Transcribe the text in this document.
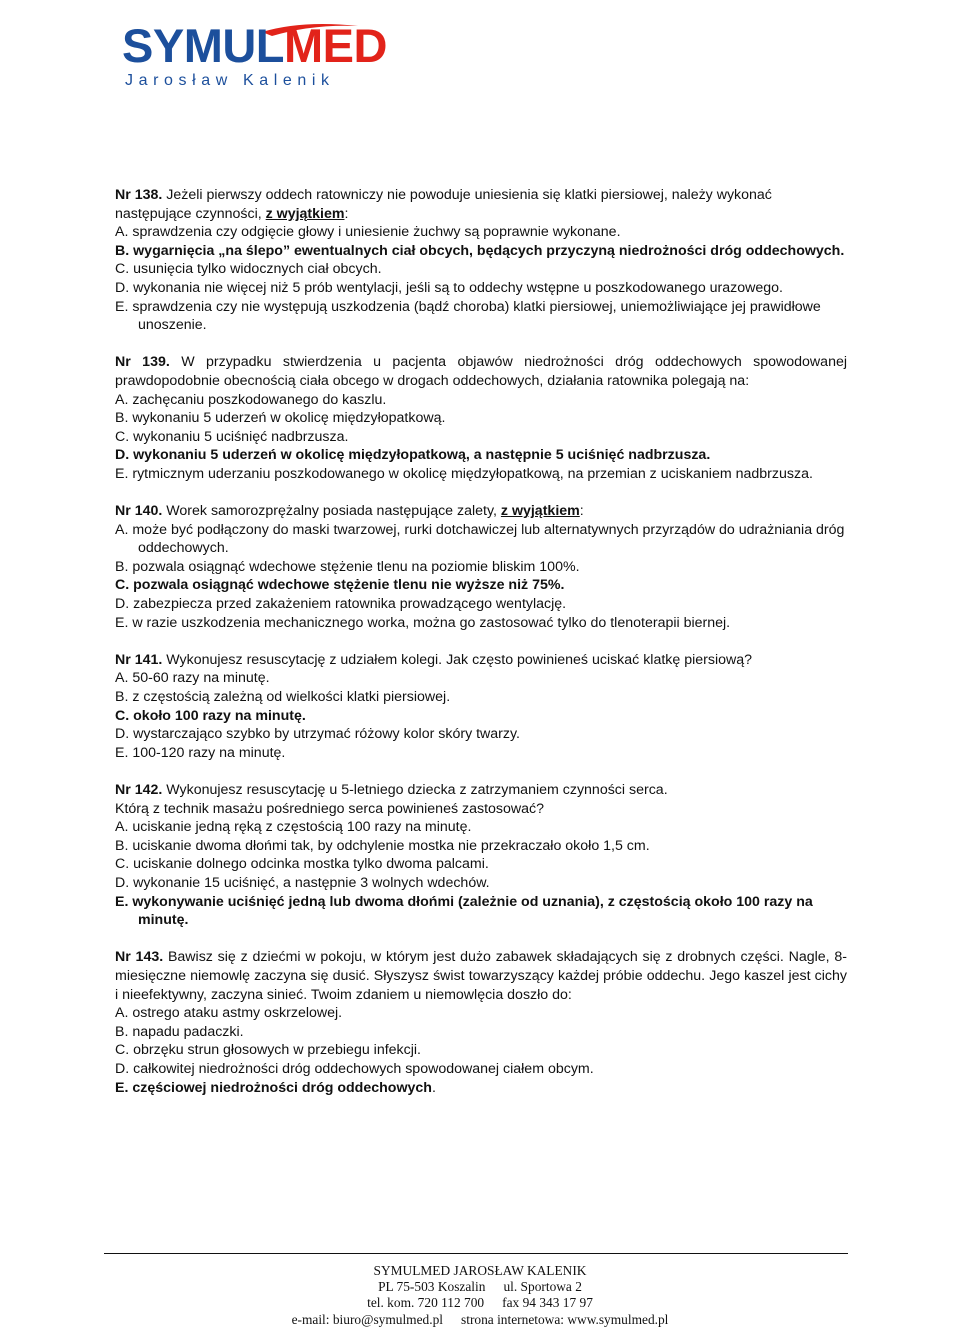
SYMULMED
Jarosław Kalenik

Nr 138. Jeżeli pierwszy oddech ratowniczy nie powoduje uniesienia się klatki piersiowej, należy wykonać następujące czynności, z wyjątkiem:

A. sprawdzenia czy odgięcie głowy i uniesienie żuchwy są poprawnie wykonane.

B. wygarnięcia „na ślepo” ewentualnych ciał obcych, będących przyczyną niedrożności dróg oddechowych.

C. usunięcia tylko widocznych ciał obcych.

D. wykonania nie więcej niż 5 prób wentylacji, jeśli są to oddechy wstępne u poszkodowanego urazowego.

E. sprawdzenia czy nie występują uszkodzenia (bądź choroba) klatki piersiowej, uniemożliwiające jej prawidłowe unoszenie.

Nr 139. W przypadku stwierdzenia u pacjenta objawów niedrożności dróg oddechowych spowodowanej prawdopodobnie obecnością ciała obcego w drogach oddechowych, działania ratownika polegają na:

A. zachęcaniu poszkodowanego do kaszlu.

B. wykonaniu 5 uderzeń w okolicę międzyłopatkową.

C. wykonaniu 5 uciśnięć nadbrzusza.

D. wykonaniu 5 uderzeń w okolicę międzyłopatkową, a następnie 5 uciśnięć nadbrzusza.

E. rytmicznym uderzaniu poszkodowanego w okolicę międzyłopatkową, na przemian z uciskaniem nadbrzusza.

Nr 140. Worek samorozprężalny posiada następujące zalety, z wyjątkiem:

A. może być podłączony do maski twarzowej, rurki dotchawiczej lub alternatywnych przyrządów do udrażniania dróg oddechowych.

B. pozwala osiągnąć wdechowe stężenie tlenu na poziomie bliskim 100%.

C. pozwala osiągnąć wdechowe stężenie tlenu nie wyższe niż 75%.

D. zabezpiecza przed zakażeniem ratownika prowadzącego wentylację.

E. w razie uszkodzenia mechanicznego worka, można go zastosować tylko do tlenoterapii biernej.

Nr 141. Wykonujesz resuscytację z udziałem kolegi. Jak często powinieneś uciskać klatkę piersiową?

A. 50-60 razy na minutę.

B. z częstością zależną od wielkości klatki piersiowej.

C. około 100 razy na minutę.

D. wystarczająco szybko by utrzymać różowy kolor skóry twarzy.

E. 100-120 razy na minutę.

Nr 142. Wykonujesz resuscytację u 5-letniego dziecka z zatrzymaniem czynności serca.

Którą z technik masażu pośredniego serca powinieneś zastosować?

A. uciskanie jedną ręką z częstością 100 razy na minutę.

B. uciskanie dwoma dłońmi tak, by odchylenie mostka nie przekraczało około 1,5 cm.

C. uciskanie dolnego odcinka mostka tylko dwoma palcami.

D. wykonanie 15 uciśnięć, a następnie 3 wolnych wdechów.

E. wykonywanie uciśnięć jedną lub dwoma dłońmi (zależnie od uznania), z częstością około 100 razy na minutę.

Nr 143. Bawisz się z dziećmi w pokoju, w którym jest dużo zabawek składających się z drobnych części. Nagle, 8-miesięczne niemowlę zaczyna się dusić. Słyszysz świst towarzyszący każdej próbie oddechu. Jego kaszel jest cichy i nieefektywny, zaczyna sinieć. Twoim zdaniem u niemowlęcia doszło do:

A. ostrego ataku astmy oskrzelowej.

B. napadu padaczki.

C. obrzęku strun głosowych w przebiegu infekcji.

D. całkowitej niedrożności dróg oddechowych spowodowanej ciałem obcym.

E. częściowej niedrożności dróg oddechowych.

SYMULMED JAROSŁAW KALENIK
PL 75-503 Koszalin ul. Sportowa 2
tel. kom. 720 112 700 fax 94 343 17 97
e-mail: biuro@symulmed.pl strona internetowa: www.symulmed.pl
